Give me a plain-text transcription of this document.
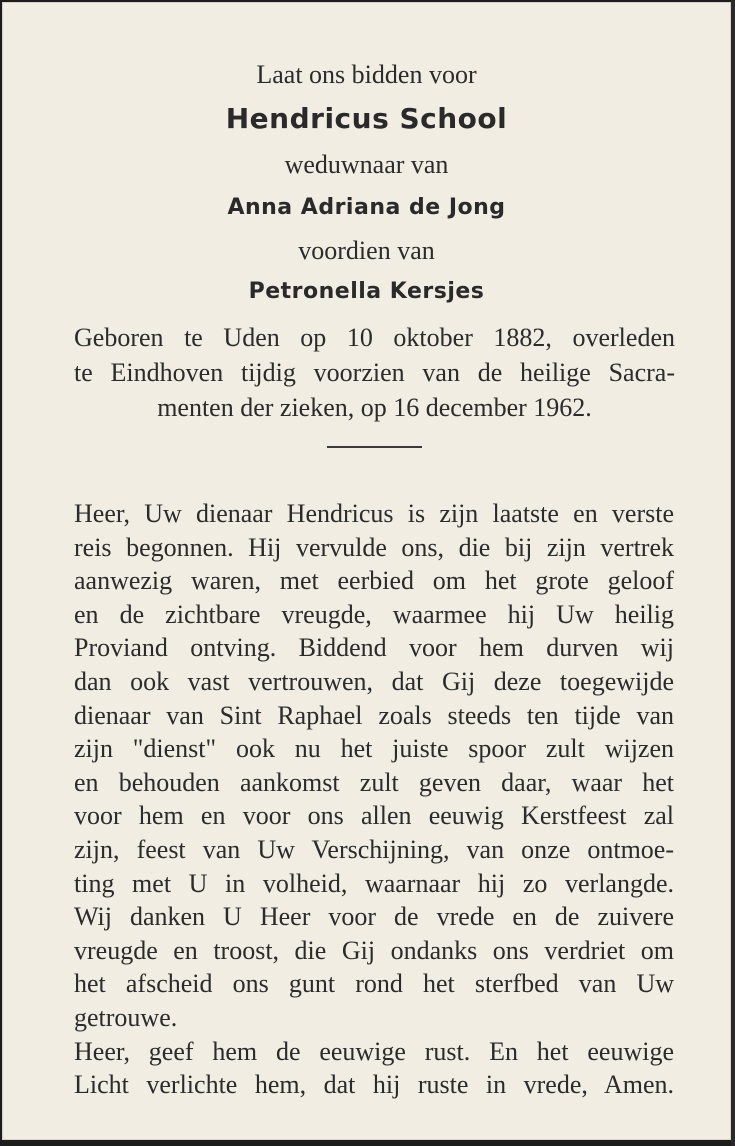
Laat ons bidden voor
Hendricus School
weduwnaar van
Anna Adriana de Jong
voordien van
Petronella Kersjes
Geboren te Uden op 10 oktober 1882, overleden
te Eindhoven tijdig voorzien van de heilige Sacra-
menten der zieken, op 16 december 1962.
Heer, Uw dienaar Hendricus is zijn laatste en verste
reis begonnen. Hij vervulde ons, die bij zijn vertrek
aanwezig waren, met eerbied om het grote geloof
en de zichtbare vreugde, waarmee hij Uw heilig
Proviand ontving. Biddend voor hem durven wij
dan ook vast vertrouwen, dat Gij deze toegewijde
dienaar van Sint Raphael zoals steeds ten tijde van
zijn "dienst" ook nu het juiste spoor zult wijzen
en behouden aankomst zult geven daar, waar het
voor hem en voor ons allen eeuwig Kerstfeest zal
zijn, feest van Uw Verschijning, van onze ontmoe-
ting met U in volheid, waarnaar hij zo verlangde.
Wij danken U Heer voor de vrede en de zuivere
vreugde en troost, die Gij ondanks ons verdriet om
het afscheid ons gunt rond het sterfbed van Uw
getrouwe.
Heer, geef hem de eeuwige rust. En het eeuwige
Licht verlichte hem, dat hij ruste in vrede, Amen.
